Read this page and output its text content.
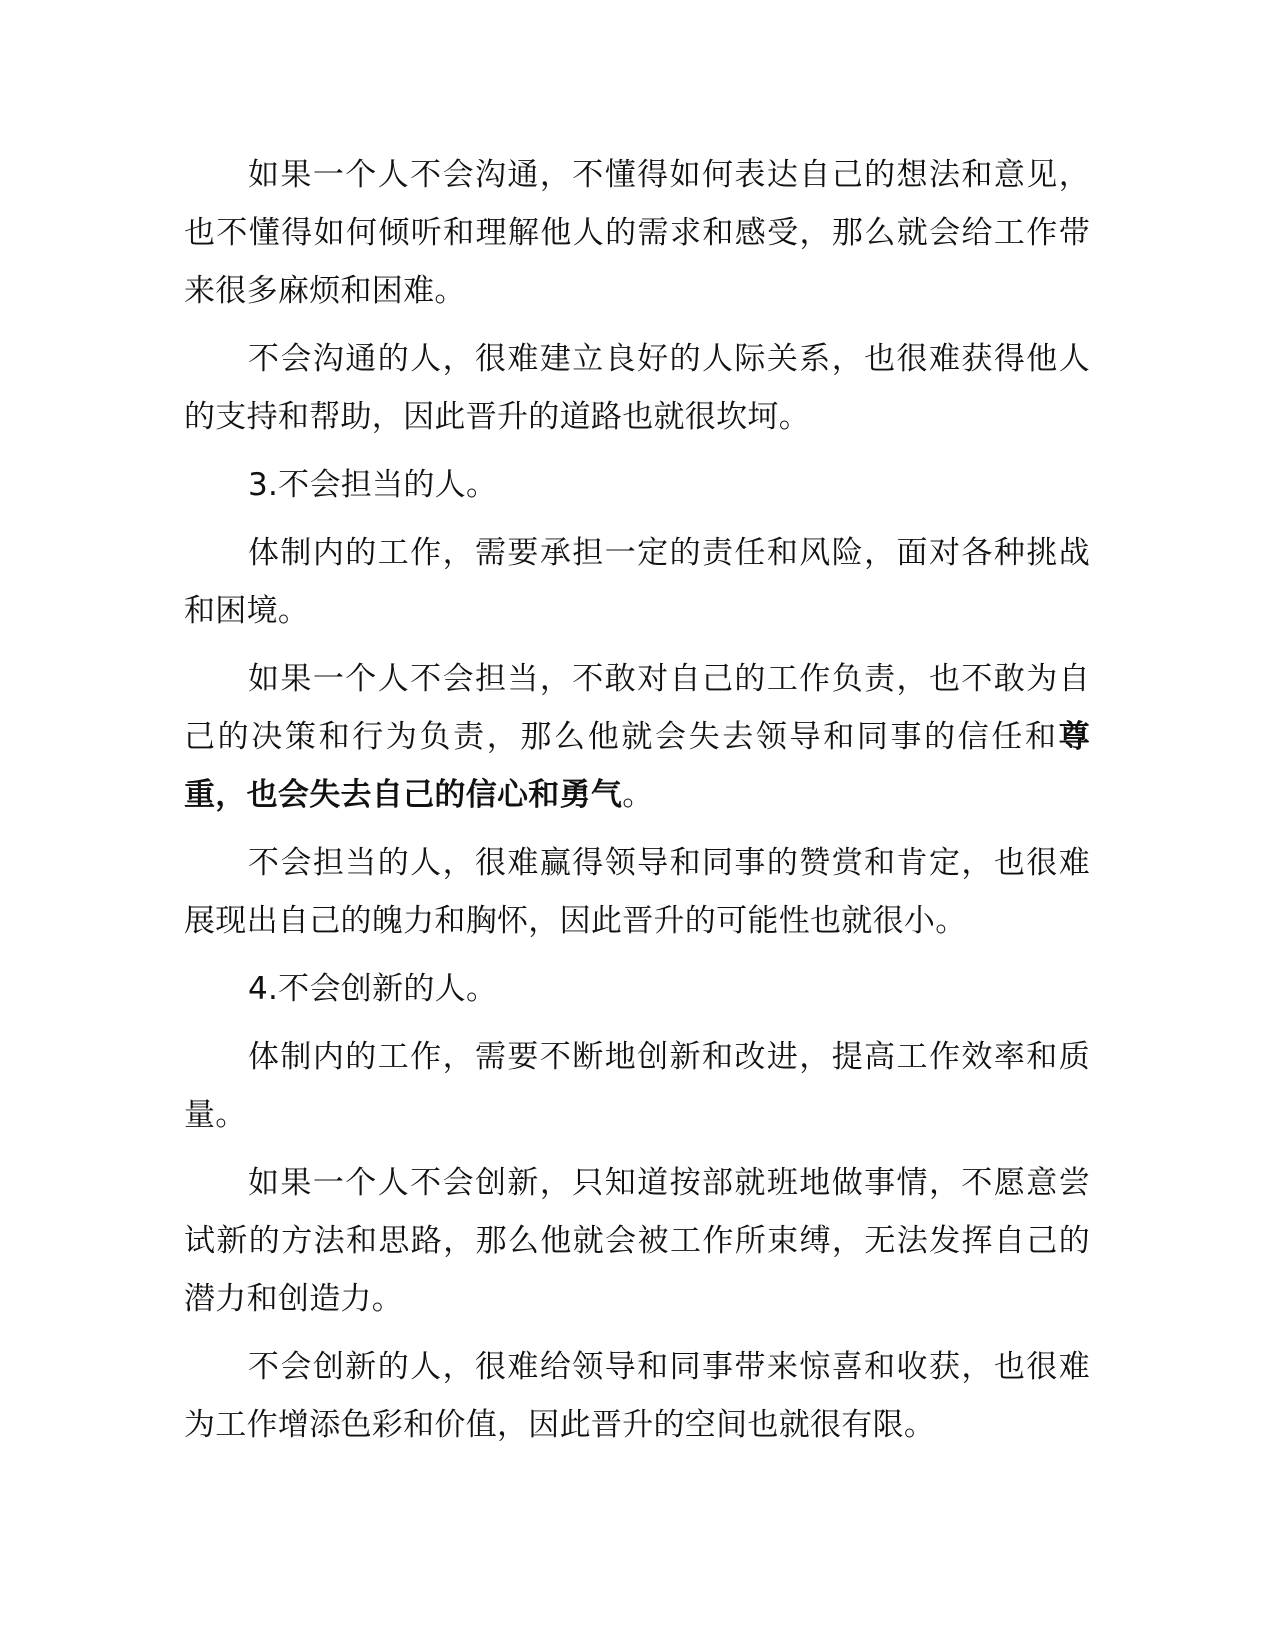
如果一个人不会沟通，不懂得如何表达自己的想法和意见，也不懂得如何倾听和理解他人的需求和感受，那么就会给工作带来很多麻烦和困难。

不会沟通的人，很难建立良好的人际关系，也很难获得他人的支持和帮助，因此晋升的道路也就很坎坷。

3.不会担当的人。

体制内的工作，需要承担一定的责任和风险，面对各种挑战和困境。

如果一个人不会担当，不敢对自己的工作负责，也不敢为自己的决策和行为负责，那么他就会失去领导和同事的信任和尊重，也会失去自己的信心和勇气。

不会担当的人，很难赢得领导和同事的赞赏和肯定，也很难展现出自己的魄力和胸怀，因此晋升的可能性也就很小。

4.不会创新的人。

体制内的工作，需要不断地创新和改进，提高工作效率和质量。

如果一个人不会创新，只知道按部就班地做事情，不愿意尝试新的方法和思路，那么他就会被工作所束缚，无法发挥自己的潜力和创造力。

不会创新的人，很难给领导和同事带来惊喜和收获，也很难为工作增添色彩和价值，因此晋升的空间也就很有限。
